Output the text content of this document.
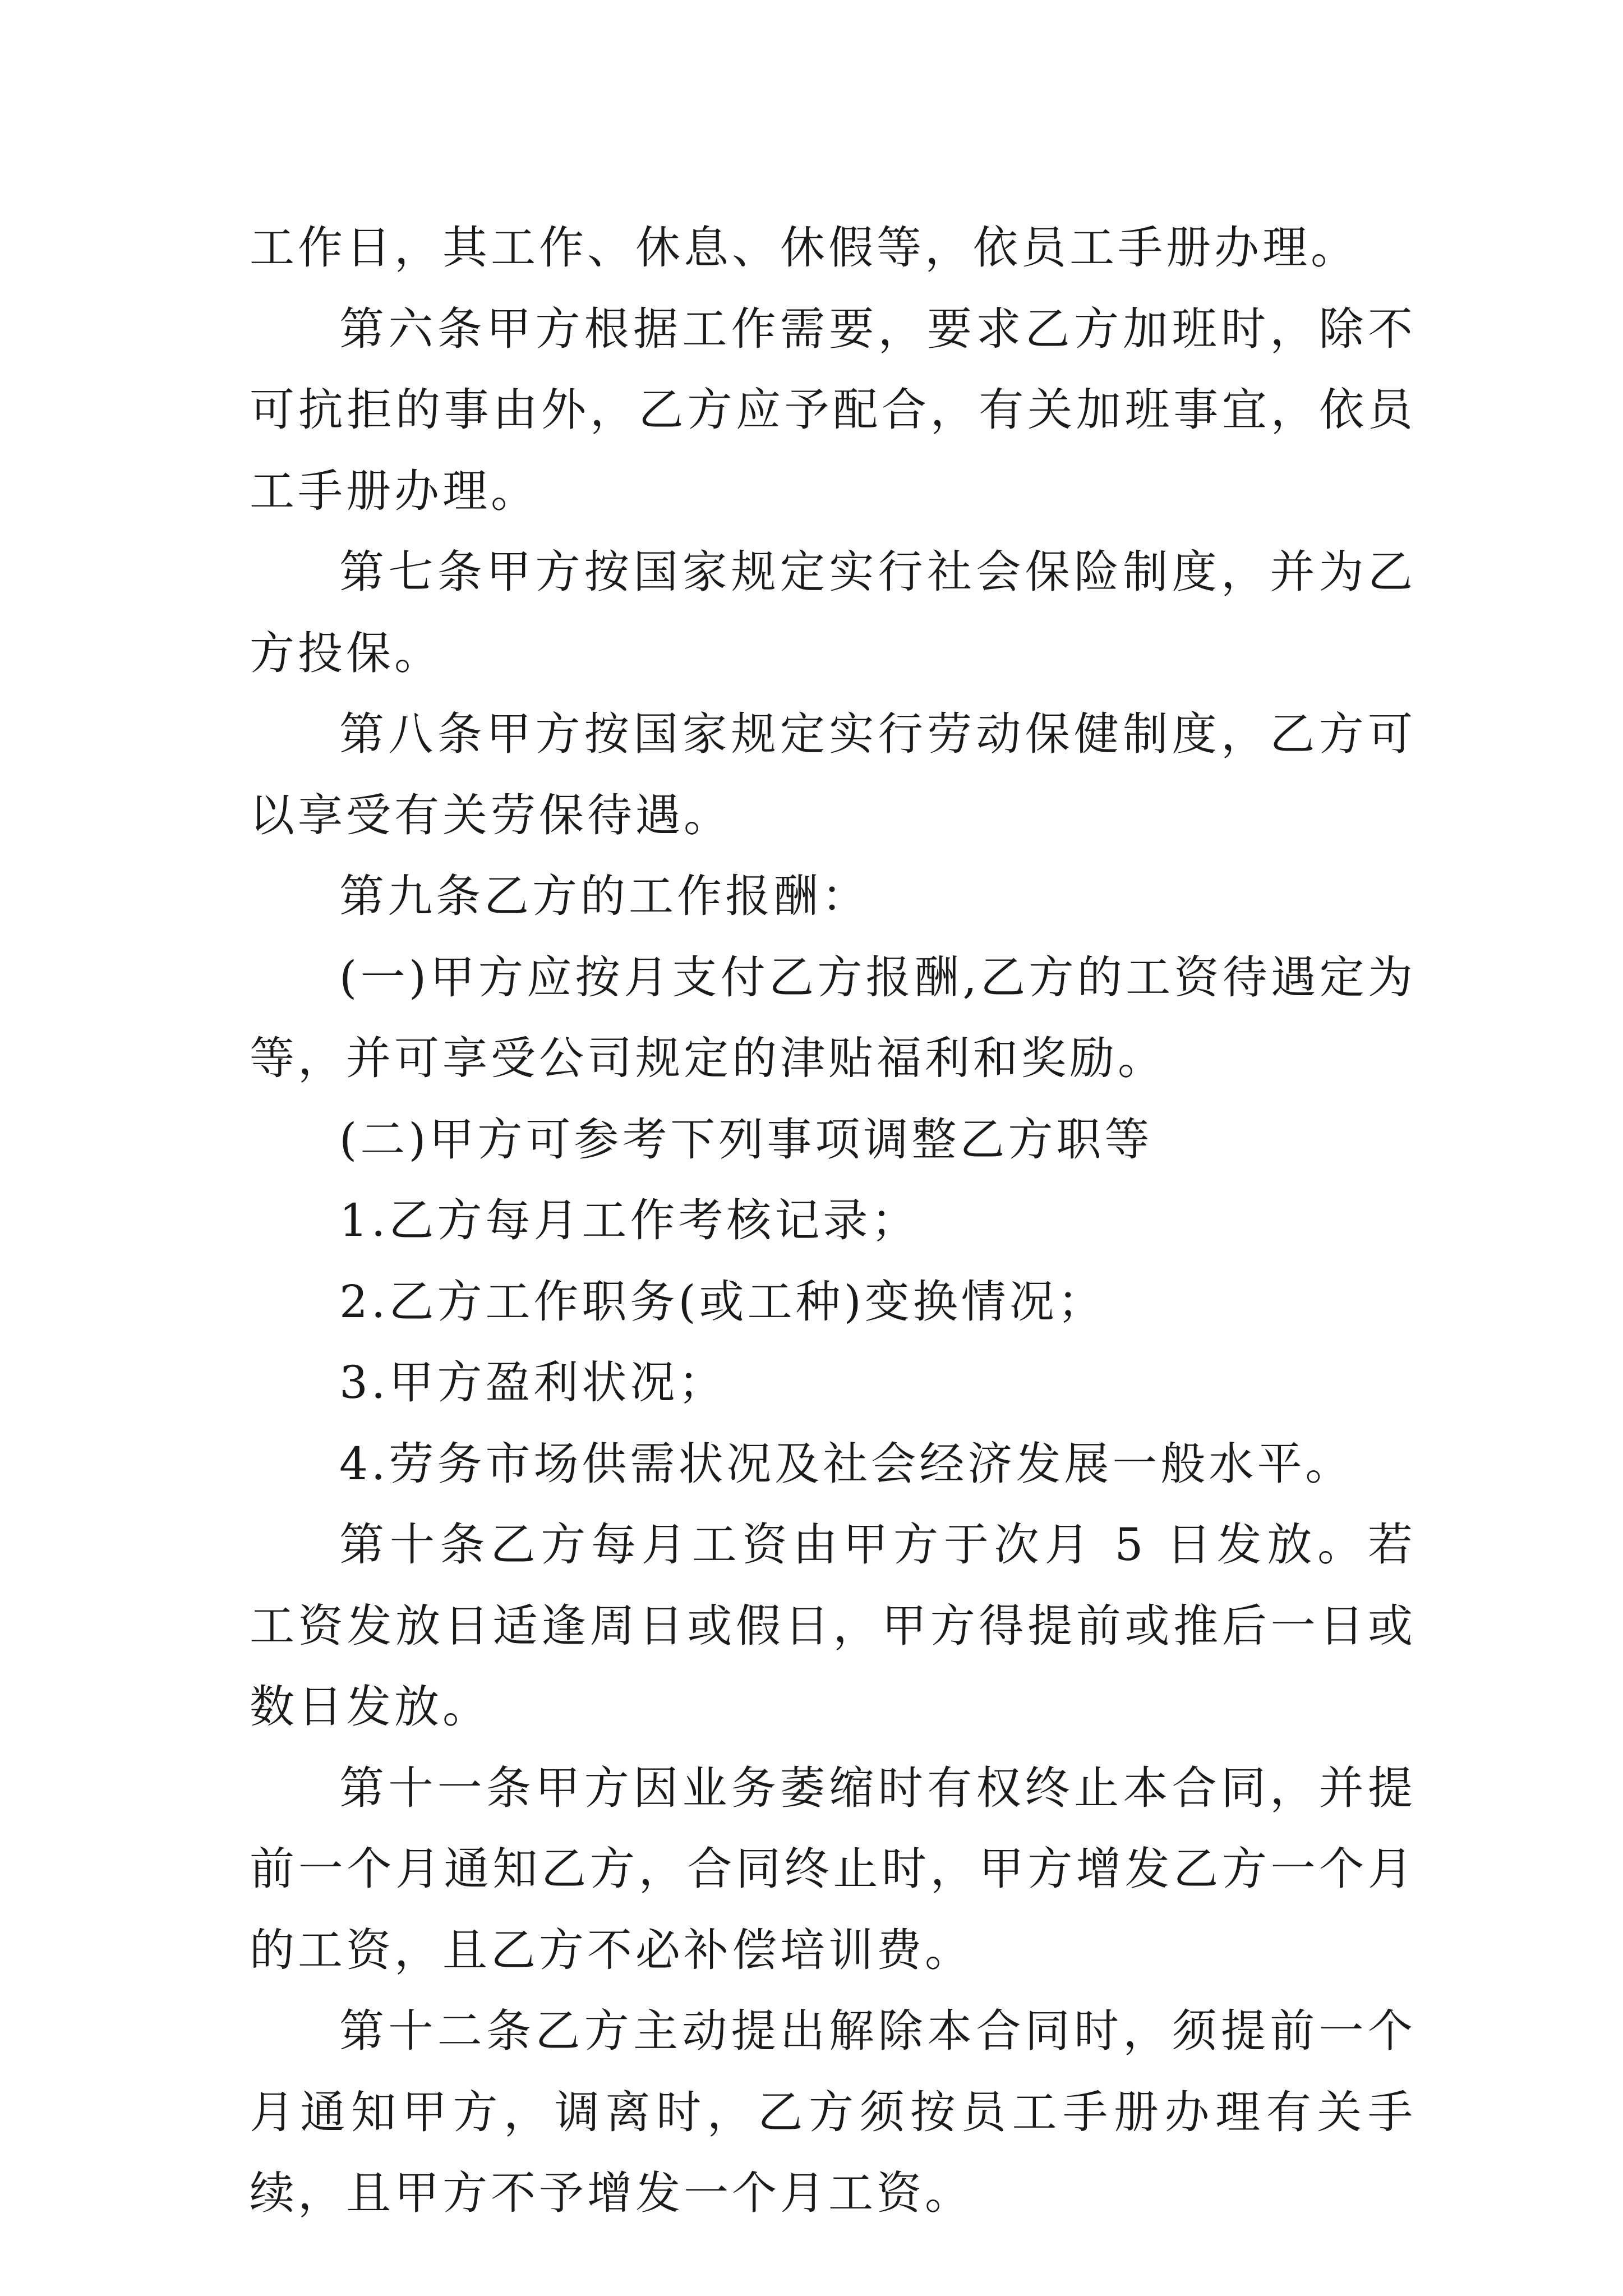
工作日，其工作、休息、休假等，依员工手册办理。

第六条甲方根据工作需要，要求乙方加班时，除不可抗拒的事由外，乙方应予配合，有关加班事宜，依员工手册办理。

第七条甲方按国家规定实行社会保险制度，并为乙方投保。

第八条甲方按国家规定实行劳动保健制度，乙方可以享受有关劳保待遇。

第九条乙方的工作报酬：

(一)甲方应按月支付乙方报酬,乙方的工资待遇定为等，并可享受公司规定的津贴福利和奖励。

(二)甲方可参考下列事项调整乙方职等

1.乙方每月工作考核记录；

2.乙方工作职务(或工种)变换情况；

3.甲方盈利状况；

4.劳务市场供需状况及社会经济发展一般水平。

第十条乙方每月工资由甲方于次月 5 日发放。若工资发放日适逢周日或假日，甲方得提前或推后一日或数日发放。

第十一条甲方因业务萎缩时有权终止本合同，并提前一个月通知乙方，合同终止时，甲方增发乙方一个月的工资，且乙方不必补偿培训费。

第十二条乙方主动提出解除本合同时，须提前一个月通知甲方，调离时，乙方须按员工手册办理有关手续，且甲方不予增发一个月工资。
